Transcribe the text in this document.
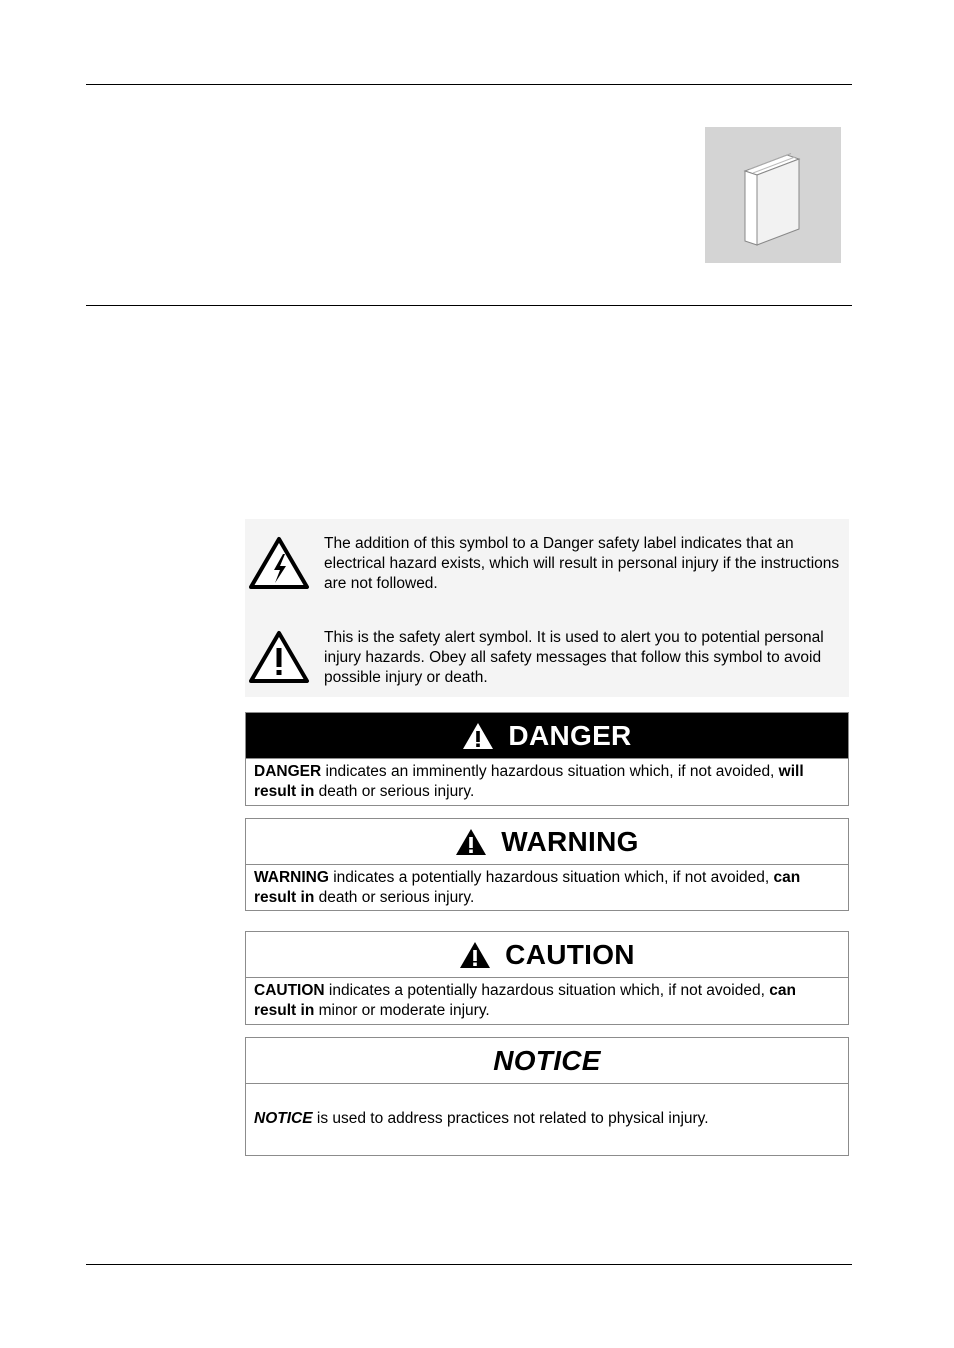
The addition of this symbol to a Danger safety label indicates that an electrical hazard exists, which will result in personal injury if the instructions are not followed.
This is the safety alert symbol. It is used to alert you to potential personal injury hazards. Obey all safety messages that follow this symbol to avoid possible injury or death.
DANGER
DANGER indicates an imminently hazardous situation which, if not avoided, will result in death or serious injury.
WARNING
WARNING indicates a potentially hazardous situation which, if not avoided, can result in death or serious injury.
CAUTION
CAUTION indicates a potentially hazardous situation which, if not avoided, can result in minor or moderate injury.
NOTICE
NOTICE is used to address practices not related to physical injury.
